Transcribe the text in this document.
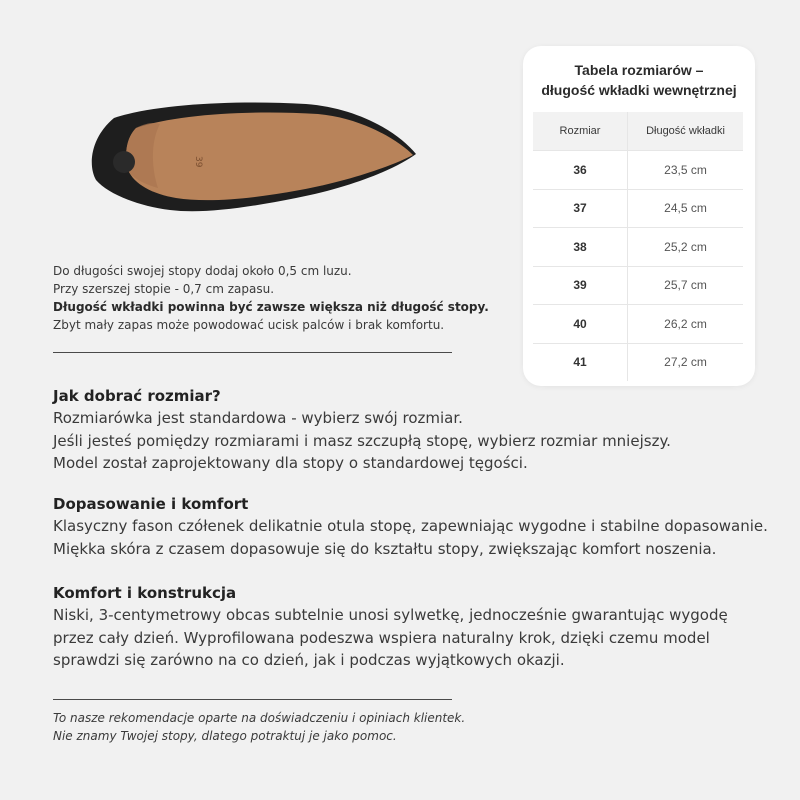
39
Tabela rozmiarów –
długość wkładki wewnętrznej
Rozmiar	Długość wkładki
36	23,5 cm
37	24,5 cm
38	25,2 cm
39	25,7 cm
40	26,2 cm
41	27,2 cm
Do długości swojej stopy dodaj około 0,5 cm luzu.
Przy szerszej stopie - 0,7 cm zapasu.
Długość wkładki powinna być zawsze większa niż długość stopy.
Zbyt mały zapas może powodować ucisk palców i brak komfortu.
Jak dobrać rozmiar?

Rozmiarówka jest standardowa - wybierz swój rozmiar.

Jeśli jesteś pomiędzy rozmiarami i masz szczupłą stopę, wybierz rozmiar mniejszy.

Model został zaprojektowany dla stopy o standardowej tęgości.

Dopasowanie i komfort

Klasyczny fason czółenek delikatnie otula stopę, zapewniając wygodne i stabilne dopasowanie.

Miękka skóra z czasem dopasowuje się do kształtu stopy, zwiększając komfort noszenia.

Komfort i konstrukcja

Niski, 3-centymetrowy obcas subtelnie unosi sylwetkę, jednocześnie gwarantując wygodę

przez cały dzień. Wyprofilowana podeszwa wspiera naturalny krok, dzięki czemu model

sprawdzi się zarówno na co dzień, jak i podczas wyjątkowych okazji.

To nasze rekomendacje oparte na doświadczeniu i opiniach klientek.
Nie znamy Twojej stopy, dlatego potraktuj je jako pomoc.
